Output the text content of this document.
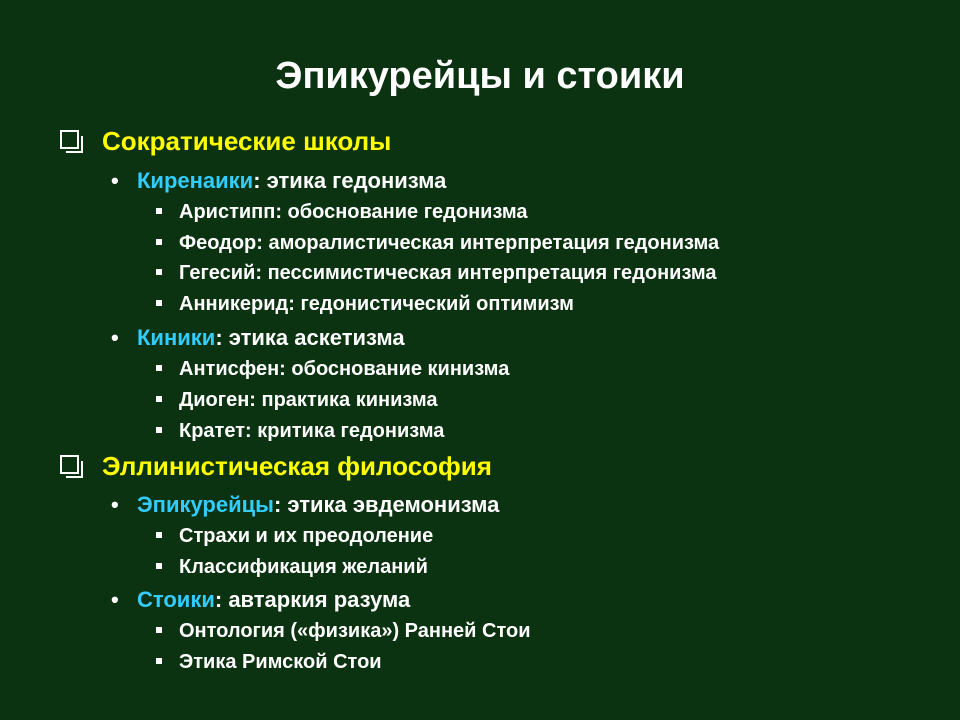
Эпикурейцы и стоики
Сократические школы
• Киренаики: этика гедонизма
Аристипп: обоснование гедонизма
Феодор: аморалистическая интерпретация гедонизма
Гегесий: пессимистическая интерпретация гедонизма
Анникерид: гедонистический оптимизм
• Киники: этика аскетизма
Антисфен: обоснование кинизма
Диоген: практика кинизма
Кратет: критика гедонизма
Эллинистическая философия
• Эпикурейцы: этика эвдемонизма
Страхи и их преодоление
Классификация желаний
• Стоики: автаркия разума
Онтология («физика») Ранней Стои
Этика Римской Стои
